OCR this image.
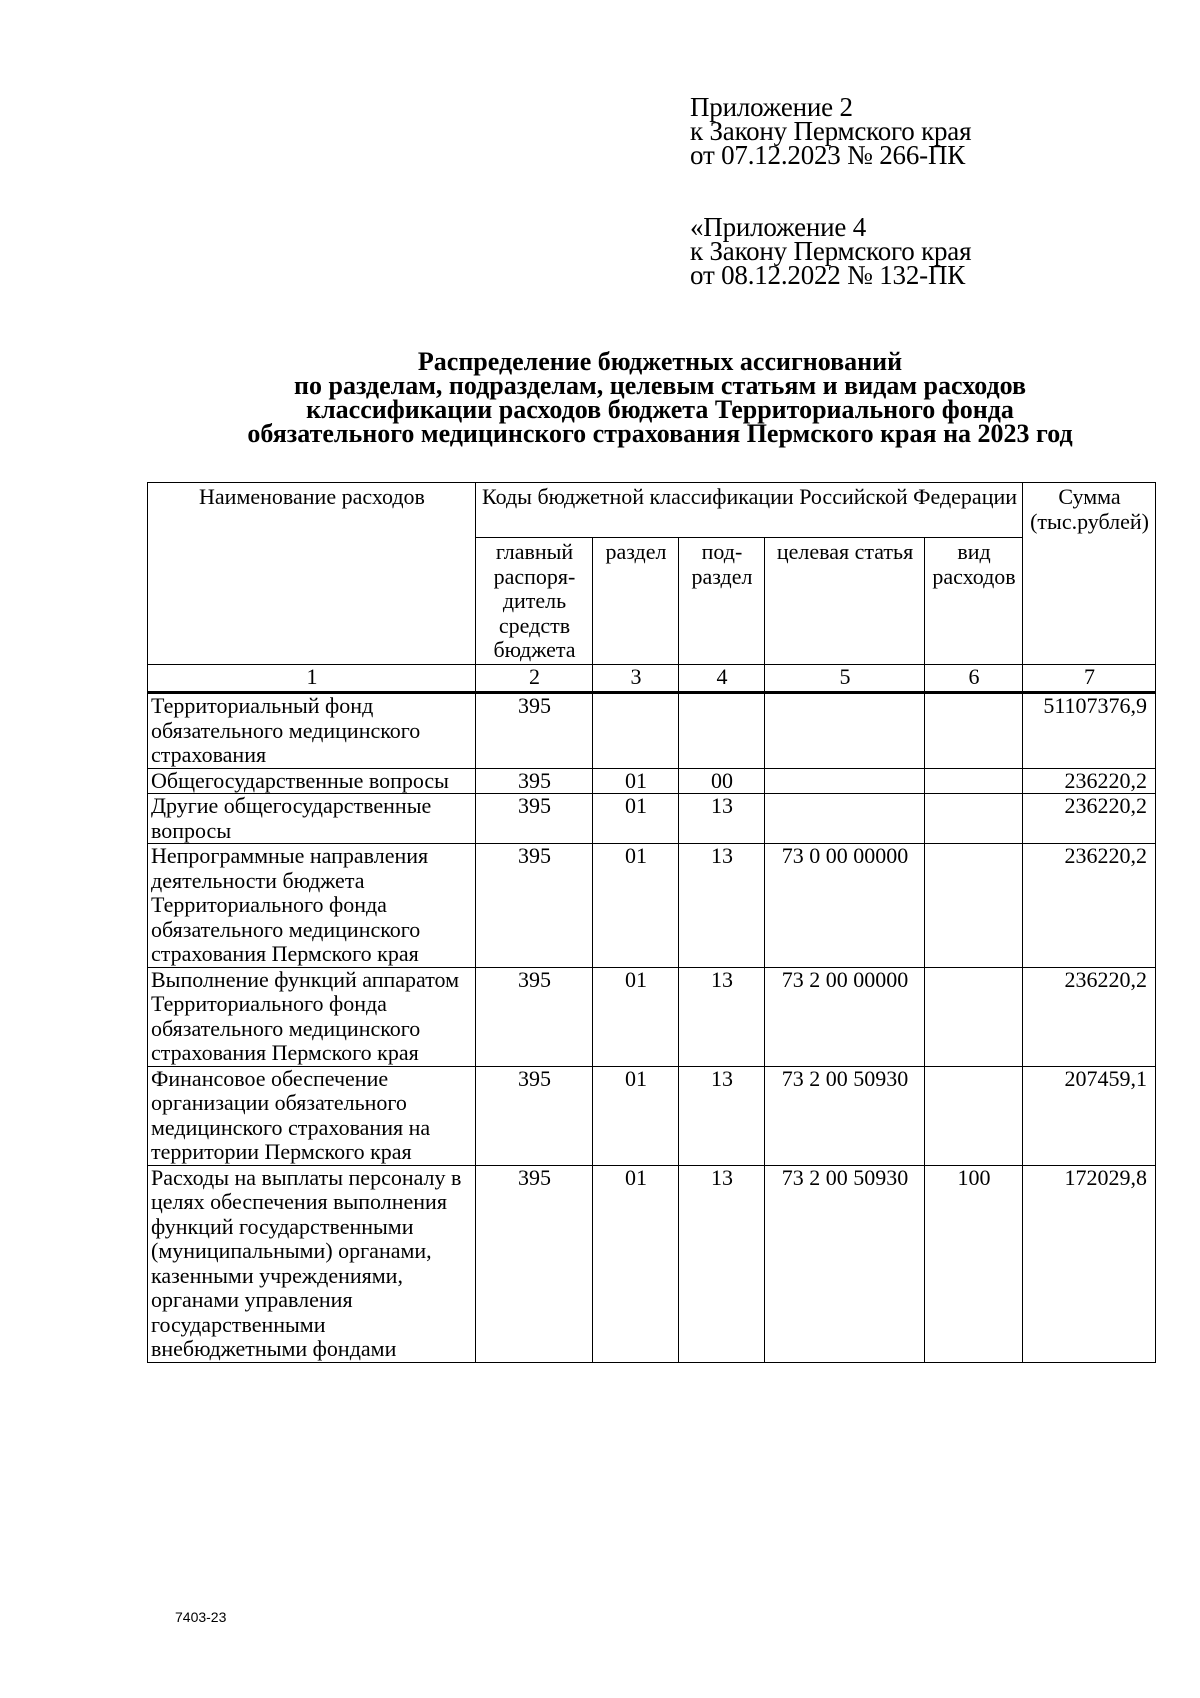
Приложение 2
к Закону Пермского края
от 07.12.2023 № 266-ПК
«Приложение 4
к Закону Пермского края
от 08.12.2022 № 132-ПК
Распределение бюджетных ассигнований
по разделам, подразделам, целевым статьям и видам расходов
классификации расходов бюджета Территориального фонда
обязательного медицинского страхования Пермского края на 2023 год
Наименование расходов	Коды бюджетной классификации Российской Федерации					Сумма (тыс.рублей)
	главный распоря-дитель средств бюджета	раздел	под-раздел	целевая статья	вид расходов	
1	2	3	4	5	6	7
Территориальный фонд обязательного медицинского страхования	395					51107376,9
Общегосударственные вопросы	395	01	00			236220,2
Другие общегосударственные вопросы	395	01	13			236220,2
Непрограммные направления деятельности бюджета Территориального фонда обязательного медицинского страхования Пермского края	395	01	13	73 0 00 00000		236220,2
Выполнение функций аппаратом Территориального фонда обязательного медицинского страхования Пермского края	395	01	13	73 2 00 00000		236220,2
Финансовое обеспечение организации обязательного медицинского страхования на территории Пермского края	395	01	13	73 2 00 50930		207459,1
Расходы на выплаты персоналу в целях обеспечения выполнения функций государственными (муниципальными) органами, казенными учреждениями, органами управления государственными внебюджетными фондами	395	01	13	73 2 00 50930	100	172029,8
7403-23
